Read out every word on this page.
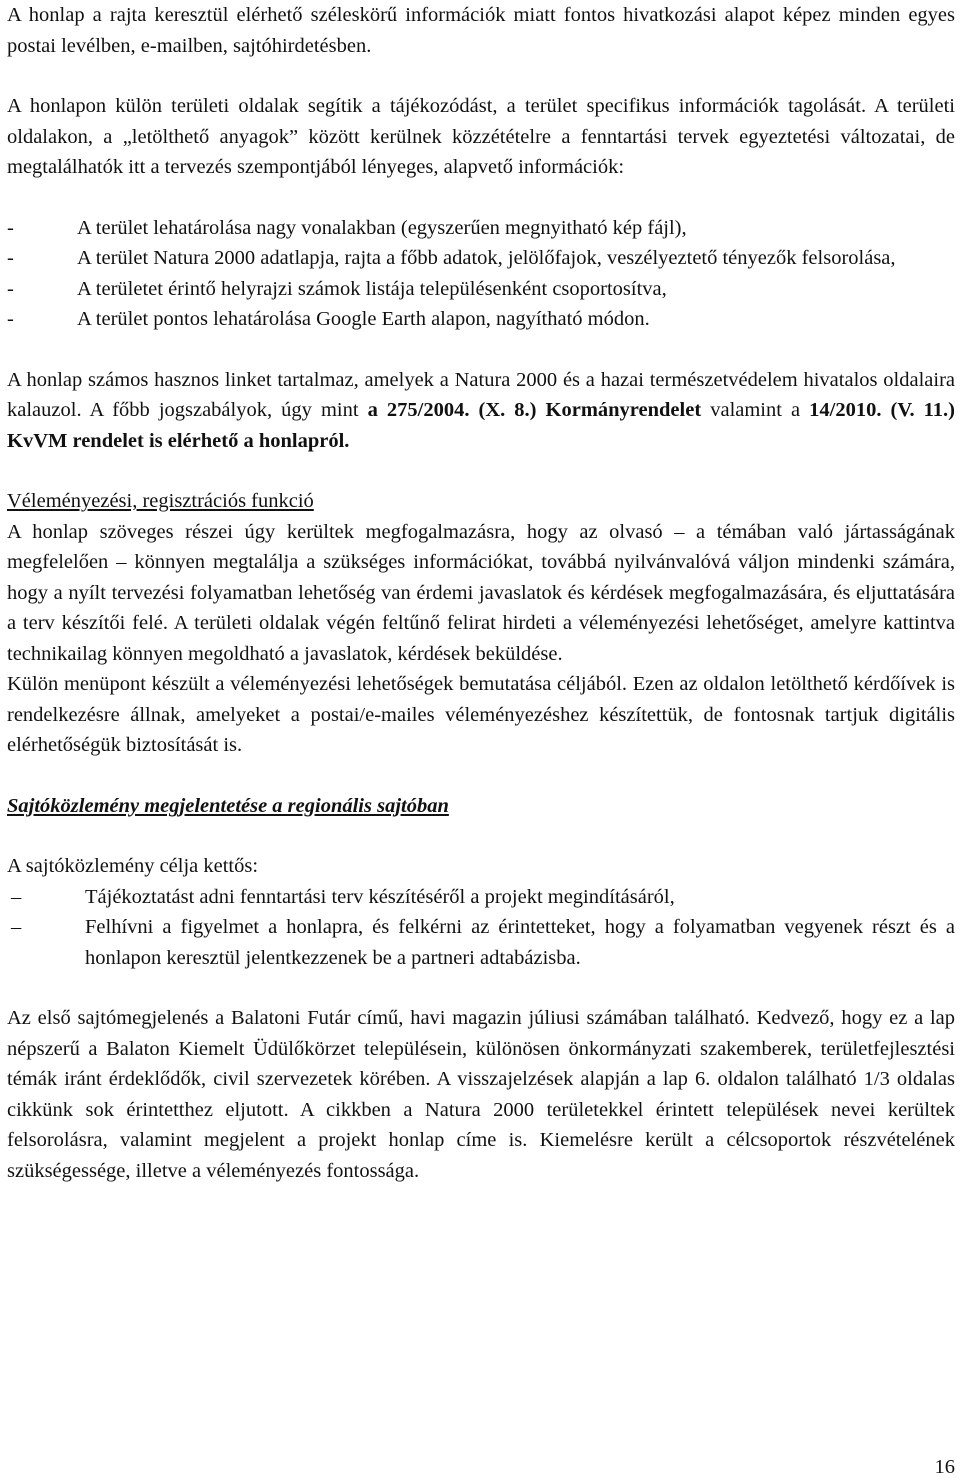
A honlap a rajta keresztül elérhető széleskörű információk miatt fontos hivatkozási alapot képez minden egyes postai levélben, e-mailben, sajtóhirdetésben.

A honlapon külön területi oldalak segítik a tájékozódást, a terület specifikus információk tagolását. A területi oldalakon, a „letölthető anyagok” között kerülnek közzétételre a fenntartási tervek egyeztetési változatai, de megtalálhatók itt a tervezés szempontjából lényeges, alapvető információk:

-	A terület lehatárolása nagy vonalakban (egyszerűen megnyitható kép fájl),
-	A terület Natura 2000 adatlapja, rajta a főbb adatok, jelölőfajok, veszélyeztető tényezők felsorolása,
-	A területet érintő helyrajzi számok listája településenként csoportosítva,
-	A terület pontos lehatárolása Google Earth alapon, nagyítható módon.

A honlap számos hasznos linket tartalmaz, amelyek a Natura 2000 és a hazai természetvédelem hivatalos oldalaira kalauzol. A főbb jogszabályok, úgy mint a 275/2004. (X. 8.) Kormányrendelet valamint a 14/2010. (V. 11.) KvVM rendelet is elérhető a honlapról.

Véleményezési, regisztrációs funkció

A honlap szöveges részei úgy kerültek megfogalmazásra, hogy az olvasó – a témában való jártasságának megfelelően – könnyen megtalálja a szükséges információkat, továbbá nyilvánvalóvá váljon mindenki számára, hogy a nyílt tervezési folyamatban lehetőség van érdemi javaslatok és kérdések megfogalmazására, és eljuttatására a terv készítői felé. A területi oldalak végén feltűnő felirat hirdeti a véleményezési lehetőséget, amelyre kattintva technikailag könnyen megoldható a javaslatok, kérdések beküldése.

Külön menüpont készült a véleményezési lehetőségek bemutatása céljából. Ezen az oldalon letölthető kérdőívek is rendelkezésre állnak, amelyeket a postai/e-mailes véleményezéshez készítettük, de fontosnak tartjuk digitális elérhetőségük biztosítását is.

Sajtóközlemény megjelentetése a regionális sajtóban

A sajtóközlemény célja kettős:

–	Tájékoztatást adni fenntartási terv készítéséről a projekt megindításáról,
–	Felhívni a figyelmet a honlapra, és felkérni az érintetteket, hogy a folyamatban vegyenek részt és a honlapon keresztül jelentkezzenek be a partneri adtabázisba.

Az első sajtómegjelenés a Balatoni Futár című, havi magazin júliusi számában található. Kedvező, hogy ez a lap népszerű a Balaton Kiemelt Üdülőkörzet településein, különösen önkormányzati szakemberek, területfejlesztési témák iránt érdeklődők, civil szervezetek körében. A visszajelzések alapján a lap 6. oldalon található 1/3 oldalas cikkünk sok érintetthez eljutott. A cikkben a Natura 2000 területekkel érintett települések nevei kerültek felsorolásra, valamint megjelent a projekt honlap címe is. Kiemelésre került a célcsoportok részvételének szükségessége, illetve a véleményezés fontossága.

16
